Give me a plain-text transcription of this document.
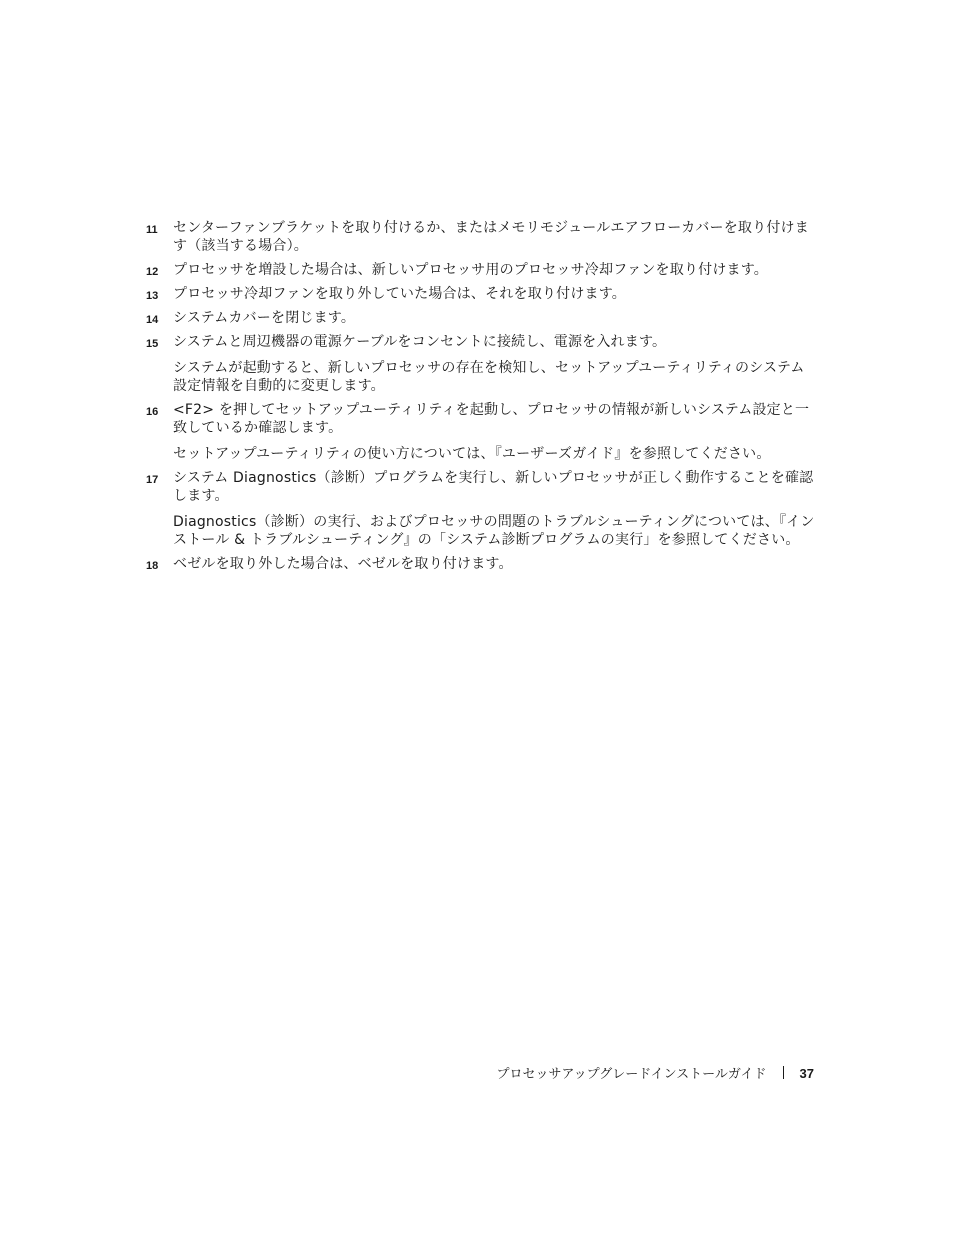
11 センターファンブラケットを取り付けるか、またはメモリモジュールエアフローカバーを取り付けます（該当する場合）。
12 プロセッサを増設した場合は、新しいプロセッサ用のプロセッサ冷却ファンを取り付けます。
13 プロセッサ冷却ファンを取り外していた場合は、それを取り付けます。
14 システムカバーを閉じます。
15 システムと周辺機器の電源ケーブルをコンセントに接続し、電源を入れます。
システムが起動すると、新しいプロセッサの存在を検知し、セットアップユーティリティのシステム設定情報を自動的に変更します。
16 <F2> を押してセットアップユーティリティを起動し、プロセッサの情報が新しいシステム設定と一致しているか確認します。
セットアップユーティリティの使い方については、『ユーザーズガイド』を参照してください。
17 システム Diagnostics（診断）プログラムを実行し、新しいプロセッサが正しく動作することを確認します。
Diagnostics（診断）の実行、およびプロセッサの問題のトラブルシューティングについては、『インストール & トラブルシューティング』の「システム診断プログラムの実行」を参照してください。
18 ベゼルを取り外した場合は、ベゼルを取り付けます。
プロセッサアップグレードインストールガイド	37
